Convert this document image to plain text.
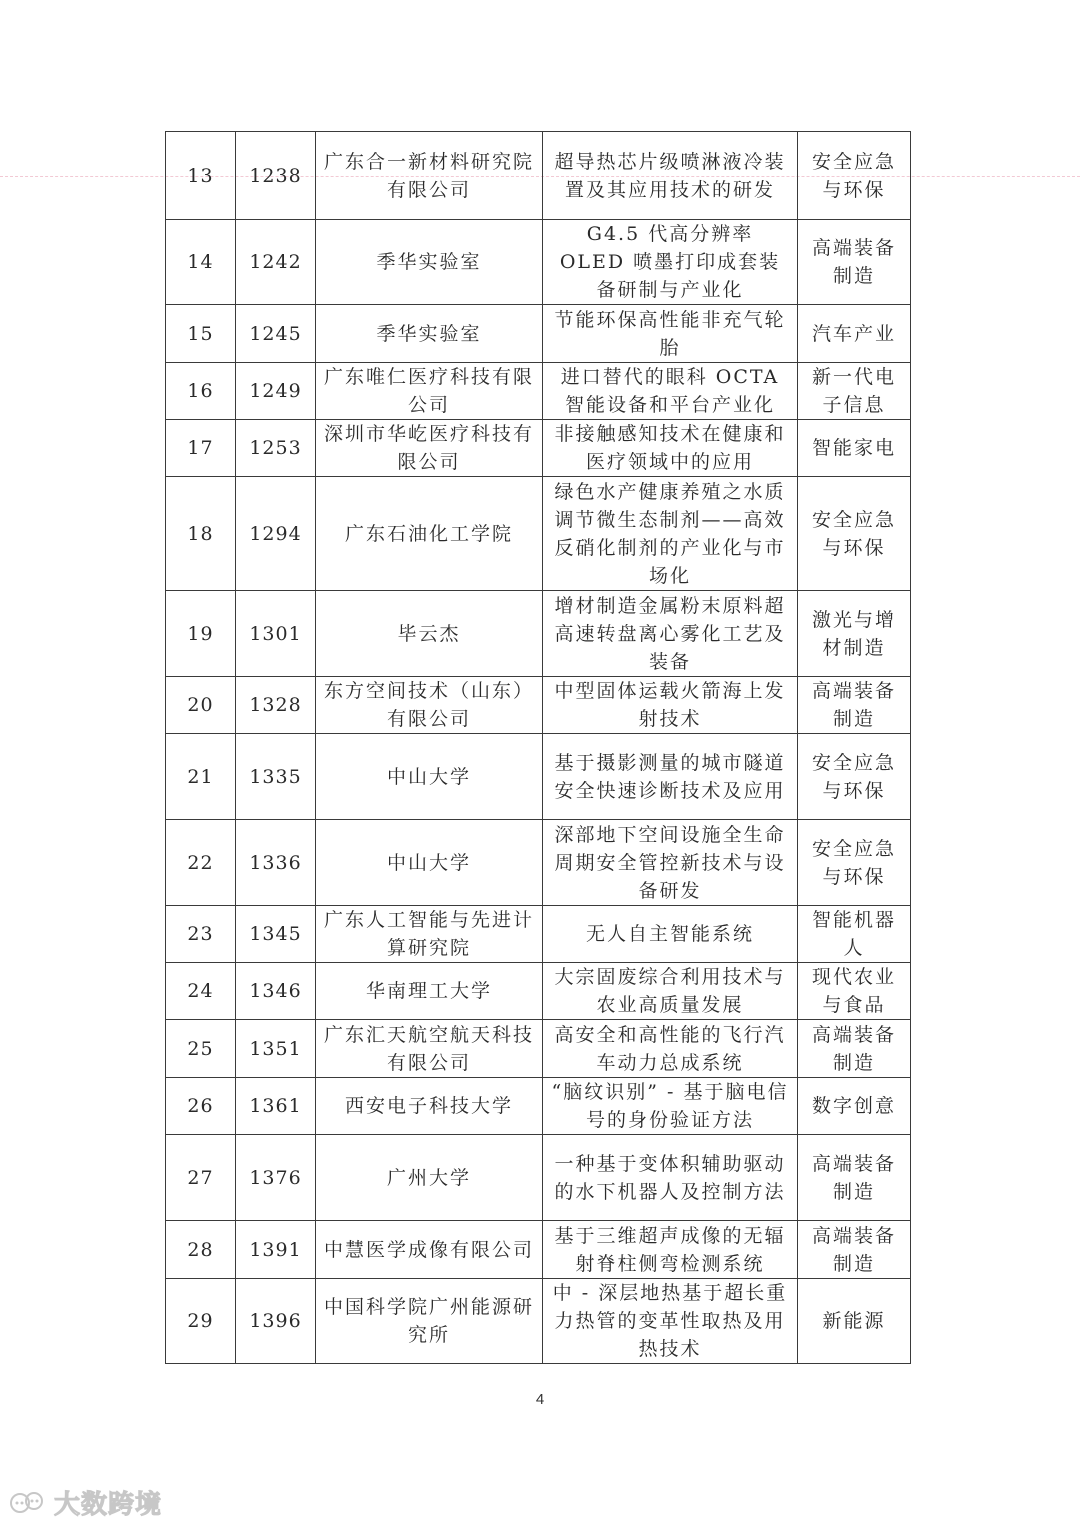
13	1238	广东合一新材料研究院有限公司	超导热芯片级喷淋液冷装置及其应用技术的研发	安全应急与环保
14	1242	季华实验室	G4.5 代高分辨率 OLED 喷墨打印成套装备研制与产业化	高端装备制造
15	1245	季华实验室	节能环保高性能非充气轮胎	汽车产业
16	1249	广东唯仁医疗科技有限公司	进口替代的眼科 OCTA 智能设备和平台产业化	新一代电子信息
17	1253	深圳市华屹医疗科技有限公司	非接触感知技术在健康和医疗领域中的应用	智能家电
18	1294	广东石油化工学院	绿色水产健康养殖之水质调节微生态制剂——高效反硝化制剂的产业化与市场化	安全应急与环保
19	1301	毕云杰	增材制造金属粉末原料超高速转盘离心雾化工艺及装备	激光与增材制造
20	1328	东方空间技术（山东）有限公司	中型固体运载火箭海上发射技术	高端装备制造
21	1335	中山大学	基于摄影测量的城市隧道安全快速诊断技术及应用	安全应急与环保
22	1336	中山大学	深部地下空间设施全生命周期安全管控新技术与设备研发	安全应急与环保
23	1345	广东人工智能与先进计算研究院	无人自主智能系统	智能机器人
24	1346	华南理工大学	大宗固废综合利用技术与农业高质量发展	现代农业与食品
25	1351	广东汇天航空航天科技有限公司	高安全和高性能的飞行汽车动力总成系统	高端装备制造
26	1361	西安电子科技大学	“脑纹识别” - 基于脑电信号的身份验证方法	数字创意
27	1376	广州大学	一种基于变体积辅助驱动的水下机器人及控制方法	高端装备制造
28	1391	中慧医学成像有限公司	基于三维超声成像的无辐射脊柱侧弯检测系统	高端装备制造
29	1396	中国科学院广州能源研究所	中 - 深层地热基于超长重力热管的变革性取热及用热技术	新能源
4
大数跨境
